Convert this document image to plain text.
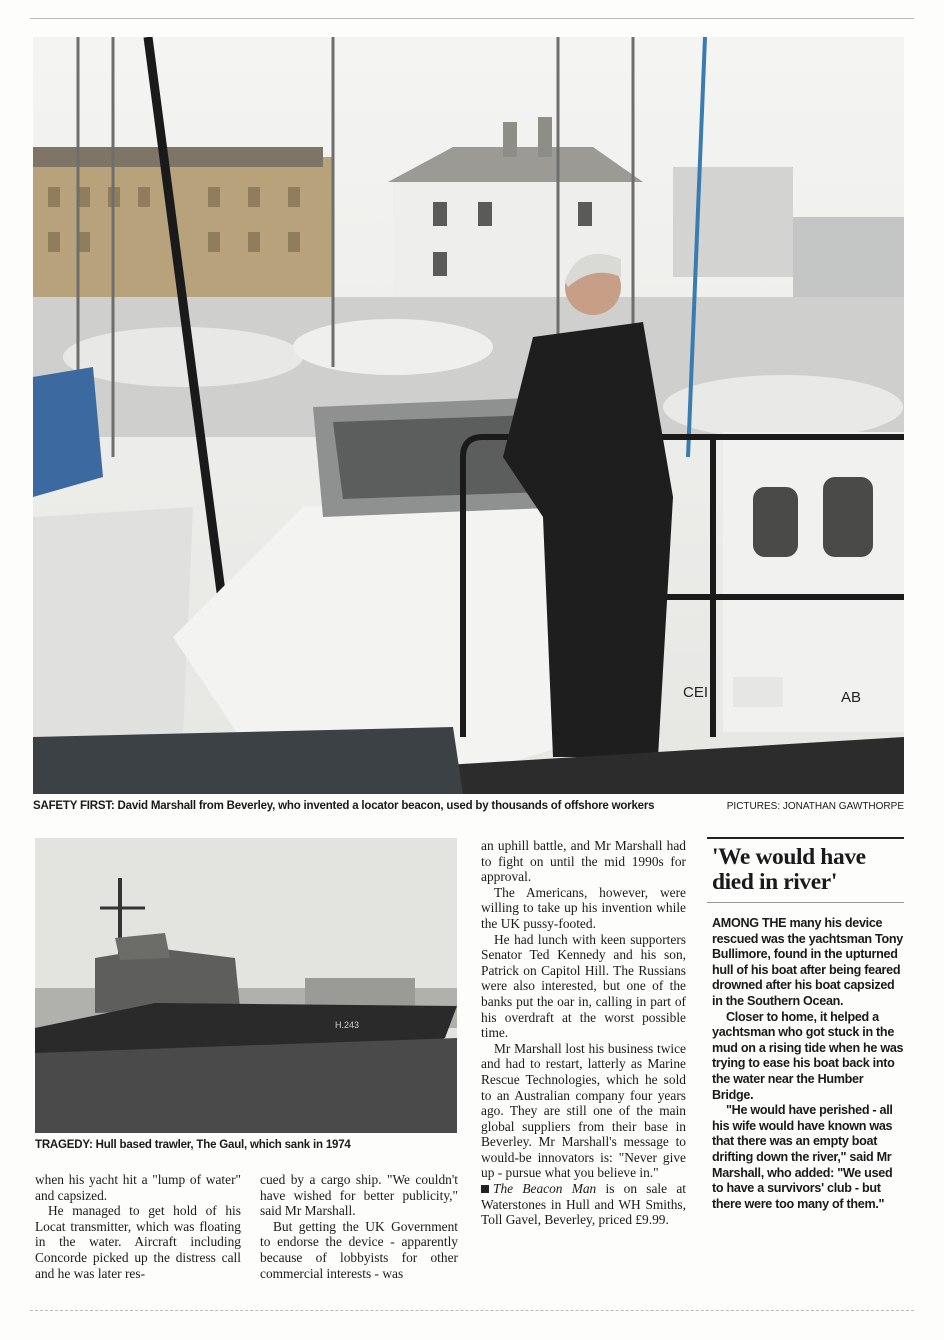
CEI	AB
SAFETY FIRST: David Marshall from Beverley, who invented a locator beacon, used by thousands of offshore workers	PICTURES: JONATHAN GAWTHORPE
H.243
TRAGEDY: Hull based trawler, The Gaul, which sank in 1974

when his yacht hit a "lump of water" and capsized.

He managed to get hold of his Locat transmitter, which was floating in the water. Aircraft including Concorde picked up the distress call and he was later res-

cued by a cargo ship. "We couldn't have wished for better publicity," said Mr Marshall.

But getting the UK Government to endorse the device - apparently because of lobbyists for other commercial interests - was

an uphill battle, and Mr Marshall had to fight on until the mid 1990s for approval.

The Americans, however, were willing to take up his invention while the UK pussy-footed.

He had lunch with keen supporters Senator Ted Kennedy and his son, Patrick on Capitol Hill. The Russians were also interested, but one of the banks put the oar in, calling in part of his overdraft at the worst possible time.

Mr Marshall lost his business twice and had to restart, latterly as Marine Rescue Technologies, which he sold to an Australian company four years ago. They are still one of the main global suppliers from their base in Beverley. Mr Marshall's message to would-be innovators is: "Never give up - pursue what you believe in."

The Beacon Man is on sale at Waterstones in Hull and WH Smiths, Toll Gavel, Beverley, priced £9.99.

'We would have died in river'

AMONG THE many his device rescued was the yachtsman Tony Bullimore, found in the upturned hull of his boat after being feared drowned after his boat capsized in the Southern Ocean.

Closer to home, it helped a yachtsman who got stuck in the mud on a rising tide when he was trying to ease his boat back into the water near the Humber Bridge.

"He would have perished - all his wife would have known was that there was an empty boat drifting down the river," said Mr Marshall, who added: "We used to have a survivors' club - but there were too many of them."
